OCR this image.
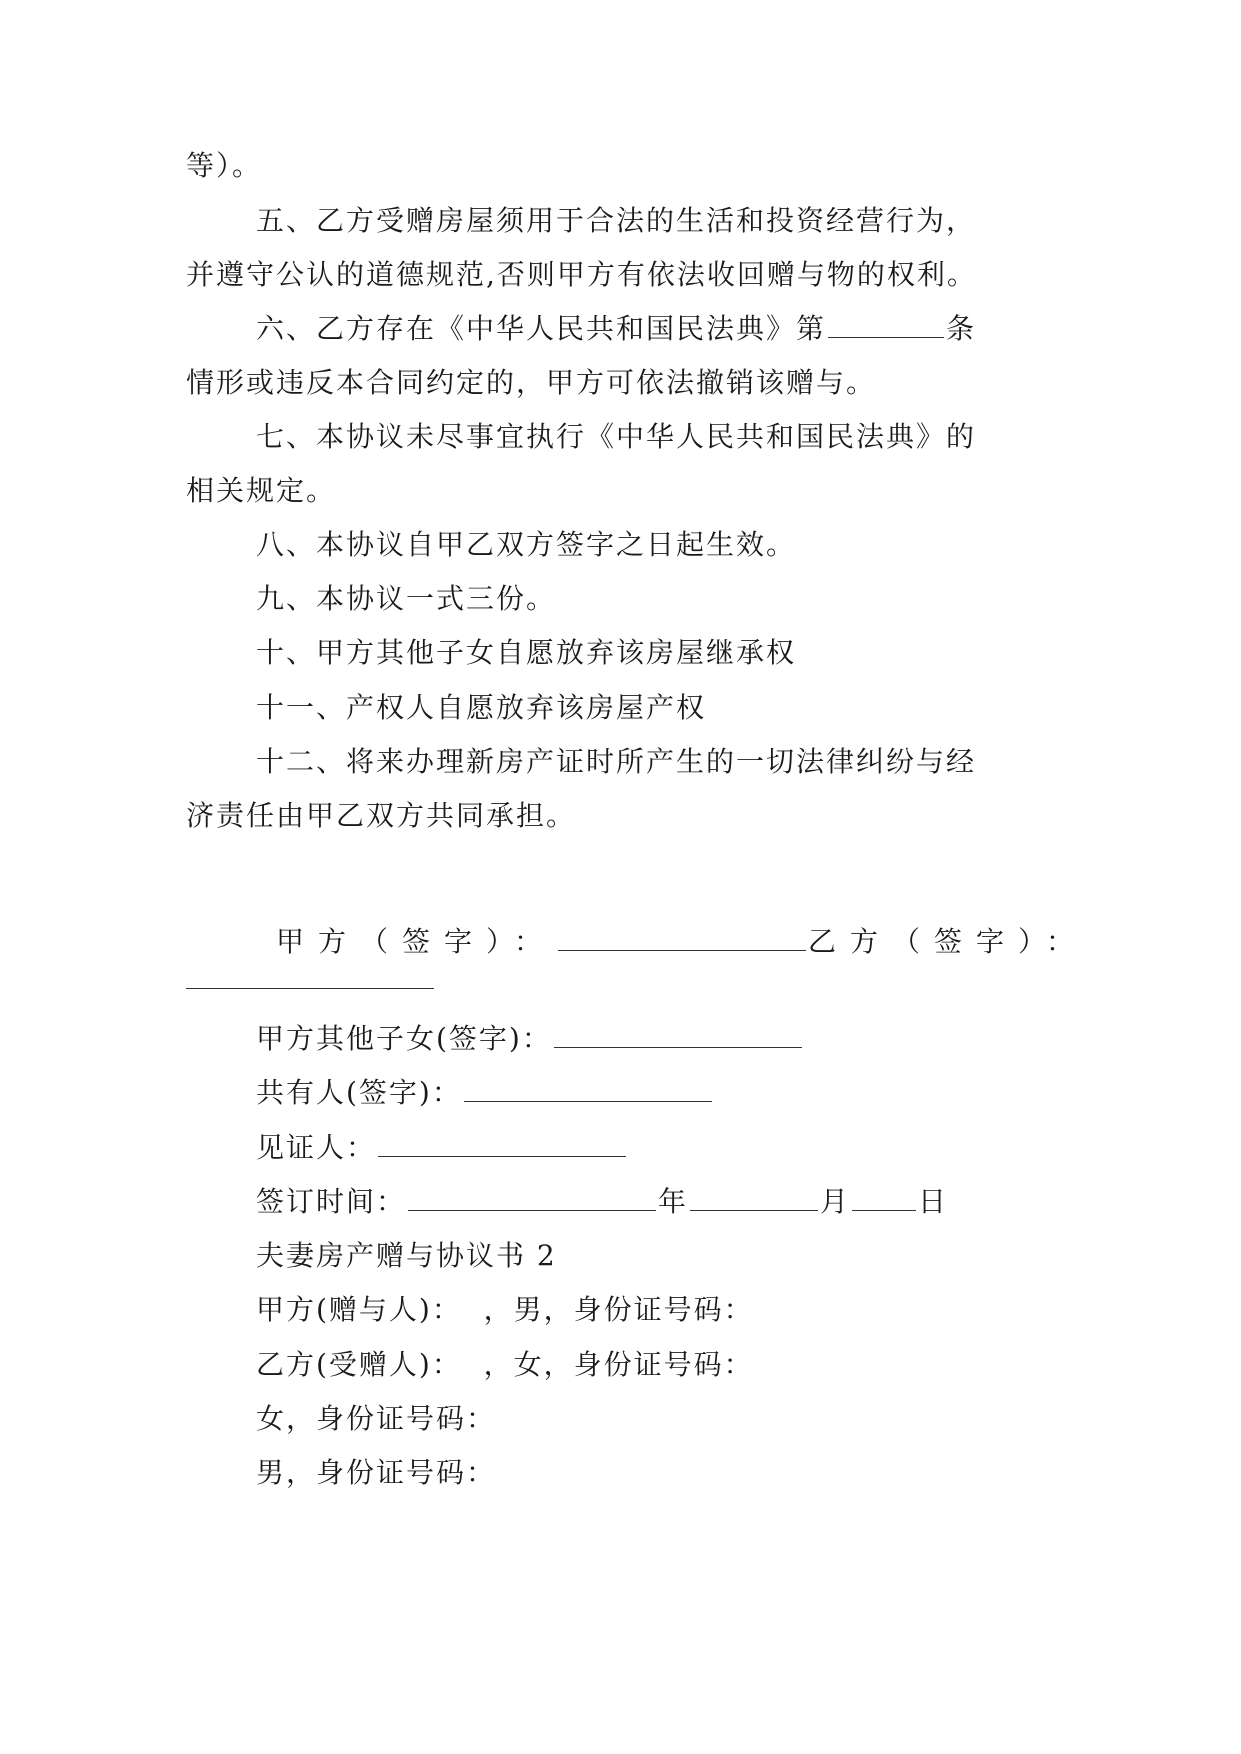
等）。
五、乙方受赠房屋须用于合法的生活和投资经营行为，
并遵守公认的道德规范,否则甲方有依法收回赠与物的权利。
六、乙方存在《中华人民共和国民法典》第	条
情形或违反本合同约定的，甲方可依法撤销该赠与。
七、本协议未尽事宜执行《中华人民共和国民法典》的
相关规定。
八、本协议自甲乙双方签字之日起生效。
九、本协议一式三份。
十、甲方其他子女自愿放弃该房屋继承权
十一、产权人自愿放弃该房屋产权
十二、将来办理新房产证时所产生的一切法律纠纷与经
济责任由甲乙双方共同承担。
甲方（签字）：	乙方（签字）：
甲方其他子女(签字)：
共有人(签字)：
见证人：
签订时间：	年	月 日
夫妻房产赠与协议书 2
甲方(赠与人)：  ，男，身份证号码：
乙方(受赠人)：  ，女，身份证号码：
女，身份证号码：
男，身份证号码：
